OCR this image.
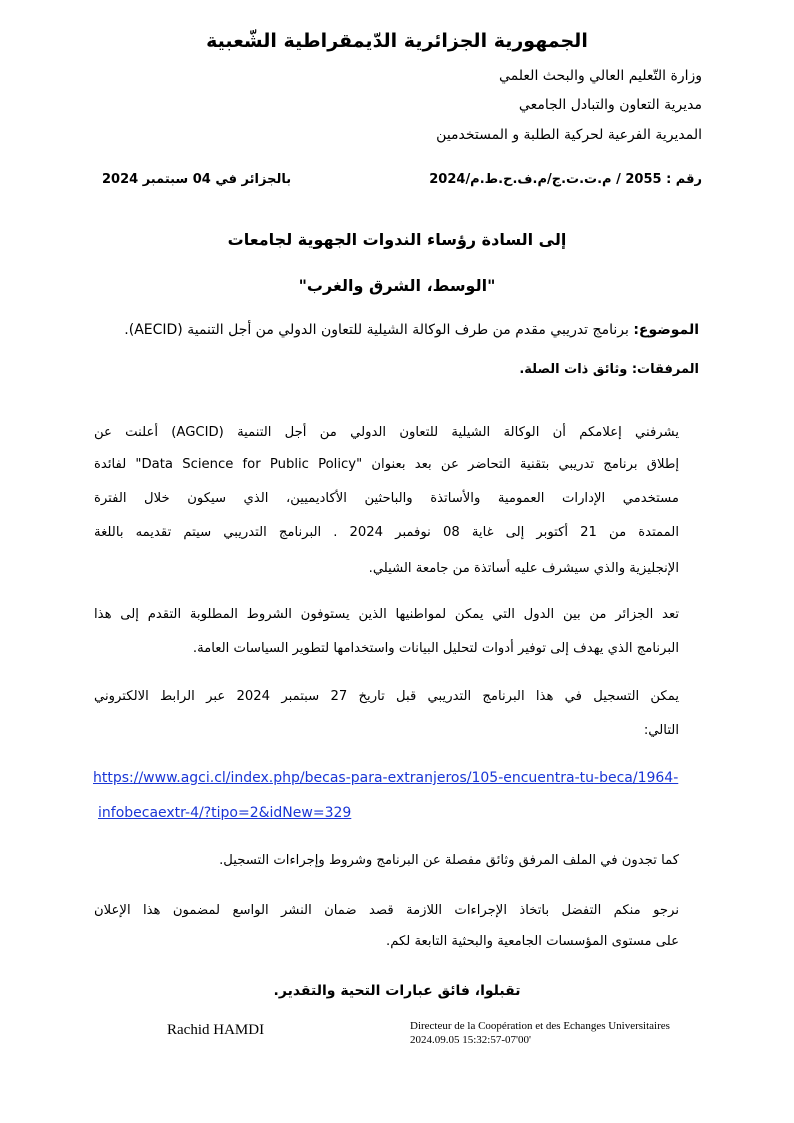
الجمهورية الجزائرية الدّيمقراطية الشّعبية
وزارة التّعليم العالي والبحث العلمي
مديرية التعاون والتبادل الجامعي
المديرية الفرعية لحركية الطلبة و المستخدمين
رقم : 2055 / م.ت.ت.ج/م.ف.ح.ط.م/2024
بالجزائر في 04 سبتمبر 2024
إلى السادة رؤساء الندوات الجهوية لجامعات
"الوسط، الشرق والغرب"
الموضوع: برنامج تدريبي مقدم من طرف الوكالة الشيلية للتعاون الدولي من أجل التنمية (AECID).
المرفقات: وثائق ذات الصلة.
يشرفني إعلامكم أن الوكالة الشيلية للتعاون الدولي من أجل التنمية (AGCID) أعلنت عن
إطلاق برنامج تدريبي بتقنية التحاضر عن بعد بعنوان "Data Science for Public Policy" لفائدة
مستخدمي الإدارات العمومية والأساتذة والباحثين الأكاديميين، الذي سيكون خلال الفترة
الممتدة من 21 أكتوبر إلى غاية 08 نوفمبر 2024 . البرنامج التدريبي سيتم تقديمه باللغة
الإنجليزية والذي سيشرف عليه أساتذة من جامعة الشيلي.
تعد الجزائر من بين الدول التي يمكن لمواطنيها الذين يستوفون الشروط المطلوبة التقدم إلى هذا
البرنامج الذي يهدف إلى توفير أدوات لتحليل البيانات واستخدامها لتطوير السياسات العامة.
يمكن التسجيل في هذا البرنامج التدريبي قبل تاريخ 27 سبتمبر 2024 عبر الرابط الالكتروني
التالي:
https://www.agci.cl/index.php/becas-para-extranjeros/105-encuentra-tu-beca/1964-
infobecaextr-4/?tipo=2&idNew=329
كما تجدون في الملف المرفق وثائق مفصلة عن البرنامج وشروط وإجراءات التسجيل.
نرجو منكم التفضل باتخاذ الإجراءات اللازمة قصد ضمان النشر الواسع لمضمون هذا الإعلان
على مستوى المؤسسات الجامعية والبحثية التابعة لكم.
تقبلوا، فائق عبارات التحية والتقدير.
Rachid HAMDI	Directeur de la Coopération et des Echanges Universitaires
2024.09.05 15:32:57-07'00'
